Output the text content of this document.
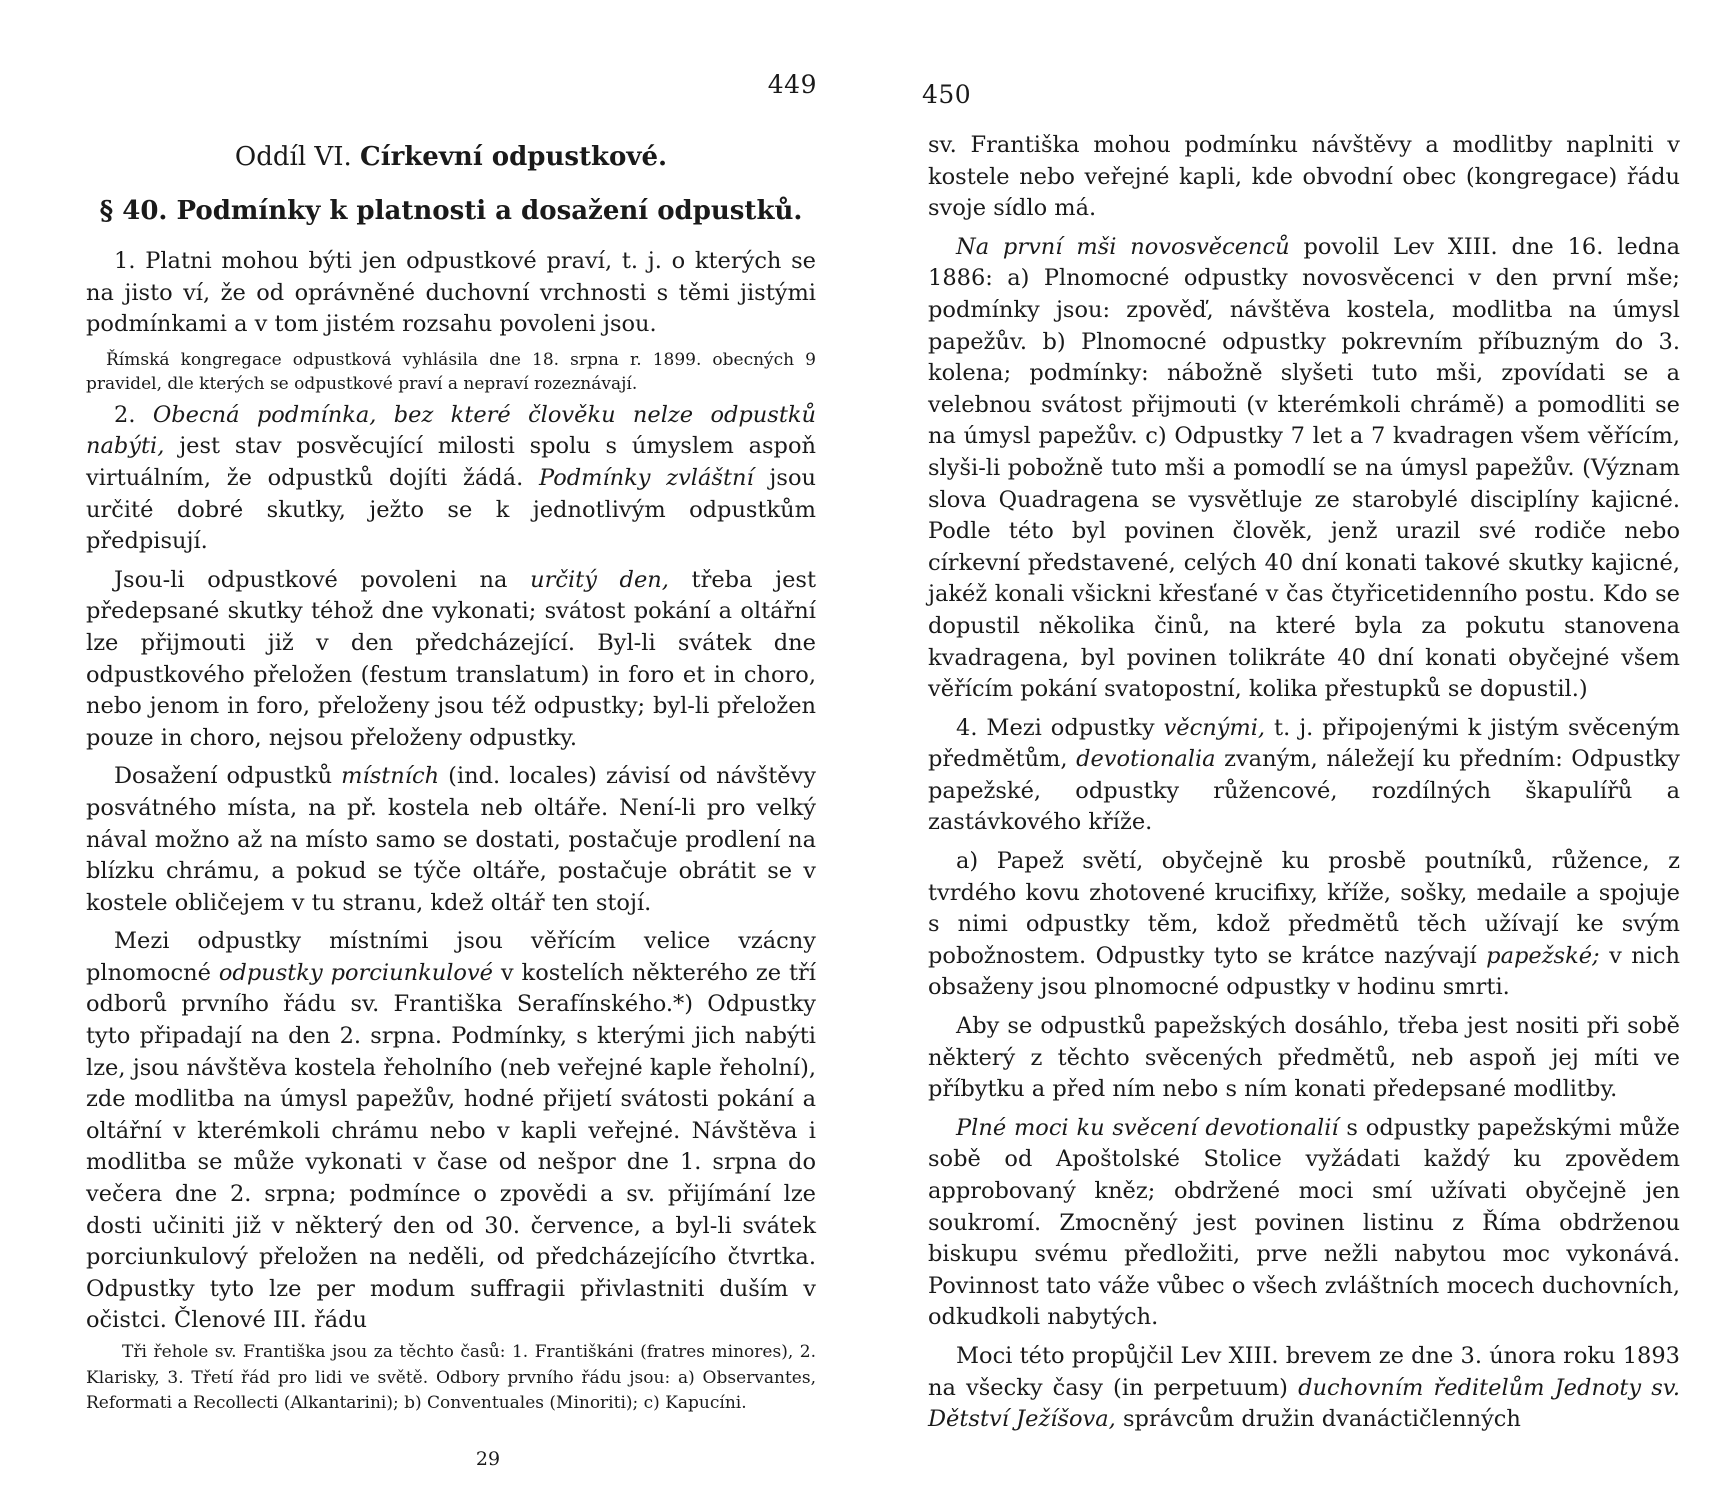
449
Oddíl VI. Církevní odpustkové.
§ 40. Podmínky k platnosti a dosažení odpustků.

1. Platni mohou býti jen odpustkové praví, t. j. o kterých se na jisto ví, že od oprávněné duchovní vrchnosti s těmi jistými podmínkami a v tom jistém rozsahu povoleni jsou.

Římská kongregace odpustková vyhlásila dne 18. srpna r. 1899. obecných 9 pravidel, dle kterých se odpustkové praví a nepraví rozeznávají.

2. Obecná podmínka, bez které člověku nelze odpustků nabýti, jest stav posvěcující milosti spolu s úmyslem aspoň virtuálním, že odpustků dojíti žádá. Podmínky zvláštní jsou určité dobré skutky, ježto se k jednotlivým odpustkům předpisují.

Jsou-li odpustkové povoleni na určitý den, třeba jest předepsané skutky téhož dne vykonati; svátost pokání a oltářní lze přijmouti již v den předcházející. Byl-li svátek dne odpustkového přeložen (festum translatum) in foro et in choro, nebo jenom in foro, přeloženy jsou též odpustky; byl-li přeložen pouze in choro, nejsou přeloženy odpustky.

Dosažení odpustků místních (ind. locales) závisí od návštěvy posvátného místa, na př. kostela neb oltáře. Není-li pro velký nával možno až na místo samo se dostati, postačuje prodlení na blízku chrámu, a pokud se týče oltáře, postačuje obrátit se v kostele obličejem v tu stranu, kdež oltář ten stojí.

Mezi odpustky místními jsou věřícím velice vzácny plnomocné odpustky porciunkulové v kostelích některého ze tří odborů prvního řádu sv. Františka Serafínského.*) Odpustky tyto připadají na den 2. srpna. Podmínky, s kterými jich nabýti lze, jsou návštěva kostela řeholního (neb veřejné kaple řeholní), zde modlitba na úmysl papežův, hodné přijetí svátosti pokání a oltářní v kterémkoli chrámu nebo v kapli veřejné. Návštěva i modlitba se může vykonati v čase od nešpor dne 1. srpna do večera dne 2. srpna; podmínce o zpovědi a sv. přijímání lze dosti učiniti již v některý den od 30. července, a byl-li svátek porciunkulový přeložen na neděli, od předcházejícího čtvrtka. Odpustky tyto lze per modum suffragii přivlastniti duším v očistci. Členové III. řádu

Tři řehole sv. Františka jsou za těchto časů: 1. Františkáni (fratres minores), 2. Klarisky, 3. Třetí řád pro lidi ve světě. Odbory prvního řádu jsou: a) Observantes, Reformati a Recollecti (Alkantarini); b) Conventuales (Minoriti); c) Kapucíni.

29
450

sv. Františka mohou podmínku návštěvy a modlitby naplniti v kostele nebo veřejné kapli, kde obvodní obec (kongregace) řádu svoje sídlo má.

Na první mši novosvěcenců povolil Lev XIII. dne 16. ledna 1886: a) Plnomocné odpustky novosvěcenci v den první mše; podmínky jsou: zpověď, návštěva kostela, modlitba na úmysl papežův. b) Plnomocné odpustky pokrevním příbuzným do 3. kolena; podmínky: nábožně slyšeti tuto mši, zpovídati se a velebnou svátost přijmouti (v kterémkoli chrámě) a pomodliti se na úmysl papežův. c) Odpustky 7 let a 7 kvadragen všem věřícím, slyši-li pobožně tuto mši a pomodlí se na úmysl papežův. (Význam slova Quadragena se vysvětluje ze starobylé disciplíny kajicné. Podle této byl povinen člověk, jenž urazil své rodiče nebo církevní představené, celých 40 dní konati takové skutky kajicné, jakéž konali všickni křesťané v čas čtyřicetidenního postu. Kdo se dopustil několika činů, na které byla za pokutu stanovena kvadragena, byl povinen tolikráte 40 dní konati obyčejné všem věřícím pokání svatopostní, kolika přestupků se dopustil.)

4. Mezi odpustky věcnými, t. j. připojenými k jistým svěceným předmětům, devotionalia zvaným, náležejí ku předním: Odpustky papežské, odpustky růžencové, rozdílných škapulířů a zastávkového kříže.

a) Papež světí, obyčejně ku prosbě poutníků, růžence, z tvrdého kovu zhotovené krucifixy, kříže, sošky, medaile a spojuje s nimi odpustky těm, kdož předmětů těch užívají ke svým pobožnostem. Odpustky tyto se krátce nazývají papežské; v nich obsaženy jsou plnomocné odpustky v hodinu smrti.

Aby se odpustků papežských dosáhlo, třeba jest nositi při sobě některý z těchto svěcených předmětů, neb aspoň jej míti ve příbytku a před ním nebo s ním konati předepsané modlitby.

Plné moci ku svěcení devotionalií s odpustky papežskými může sobě od Apoštolské Stolice vyžádati každý ku zpovědem approbovaný kněz; obdržené moci smí užívati obyčejně jen soukromí. Zmocněný jest povinen listinu z Říma obdrženou biskupu svému předložiti, prve nežli nabytou moc vykonává. Povinnost tato váže vůbec o všech zvláštních mocech duchovních, odkudkoli nabytých.

Moci této propůjčil Lev XIII. brevem ze dne 3. února roku 1893 na všecky časy (in perpetuum) duchovním ředitelům Jednoty sv. Dětství Ježíšova, správcům družin dvanáctičlenných
